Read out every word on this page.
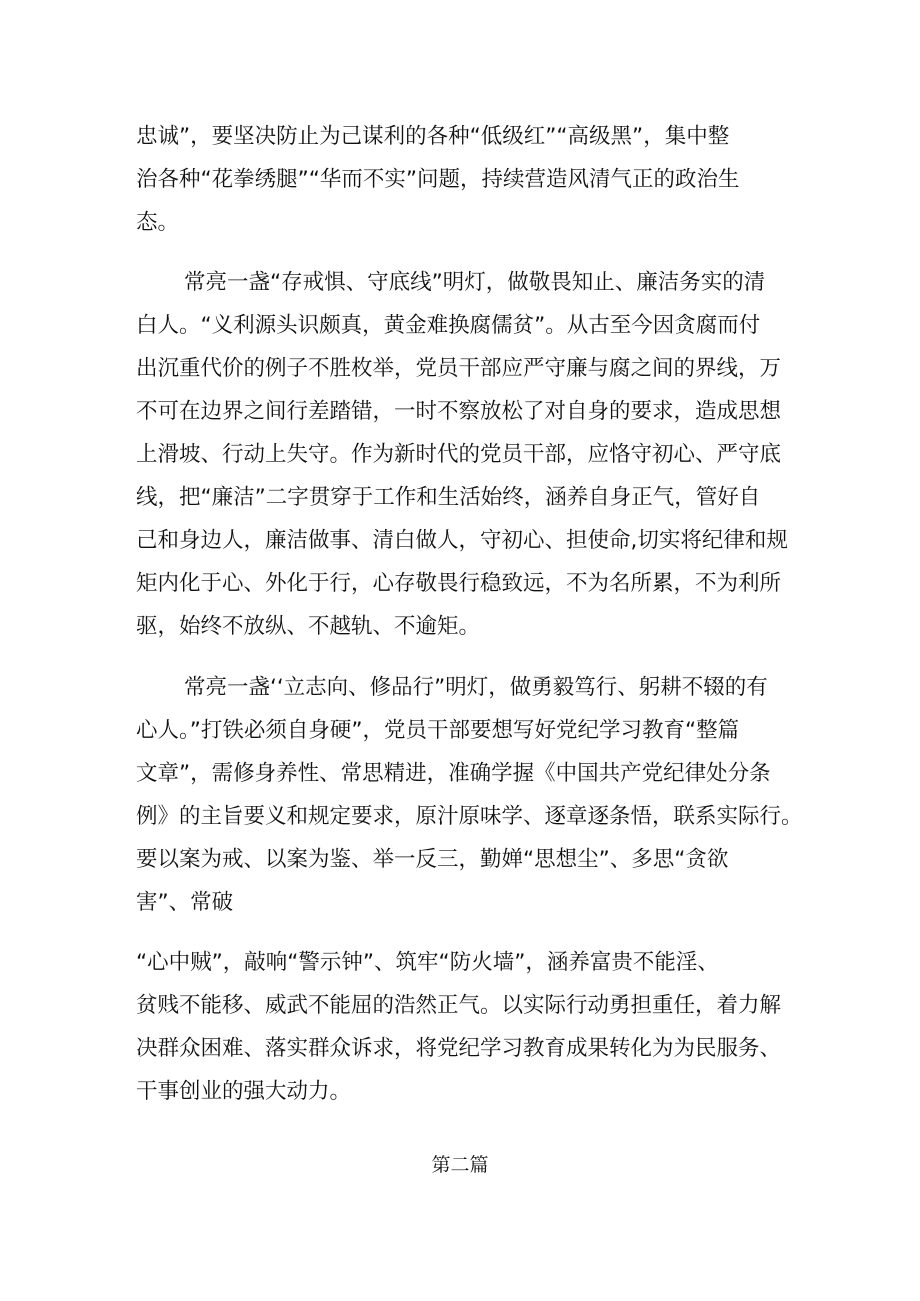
忠诚”，要坚决防止为己谋利的各种“低级红”“高级黑”，集中整
治各种“花拳绣腿”“华而不实”问题，持续营造风清气正的政治生
态。
常亮一盏“存戒惧、守底线”明灯，做敬畏知止、廉洁务实的清
白人。“义利源头识颇真，黄金难换腐儒贫”。从古至今因贪腐而付
出沉重代价的例子不胜枚举，党员干部应严守廉与腐之间的界线，万
不可在边界之间行差踏错，一时不察放松了对自身的要求，造成思想
上滑坡、行动上失守。作为新时代的党员干部，应恪守初心、严守底
线，把“廉洁”二字贯穿于工作和生活始终，涵养自身正气，管好自
己和身边人，廉洁做事、清白做人，守初心、担使命,切实将纪律和规
矩内化于心、外化于行，心存敬畏行稳致远，不为名所累，不为利所
驱，始终不放纵、不越轨、不逾矩。
常亮一盏‘‘立志向、修品行”明灯，做勇毅笃行、躬耕不辍的有
心人。”打铁必须自身硬”，党员干部要想写好党纪学习教育“整篇
文章”，需修身养性、常思精进，准确学握《中国共产党纪律处分条
例》的主旨要义和规定要求，原汁原味学、逐章逐条悟，联系实际行。
要以案为戒、以案为鉴、举一反三，勤婵“思想尘”、多思“贪欲
害”、常破
“心中贼”，敲响“警示钟”、筑牢“防火墙”，涵养富贵不能淫、
贫贱不能移、威武不能屈的浩然正气。以实际行动勇担重任，着力解
决群众困难、落实群众诉求，将党纪学习教育成果转化为为民服务、
干事创业的强大动力。
第二篇
